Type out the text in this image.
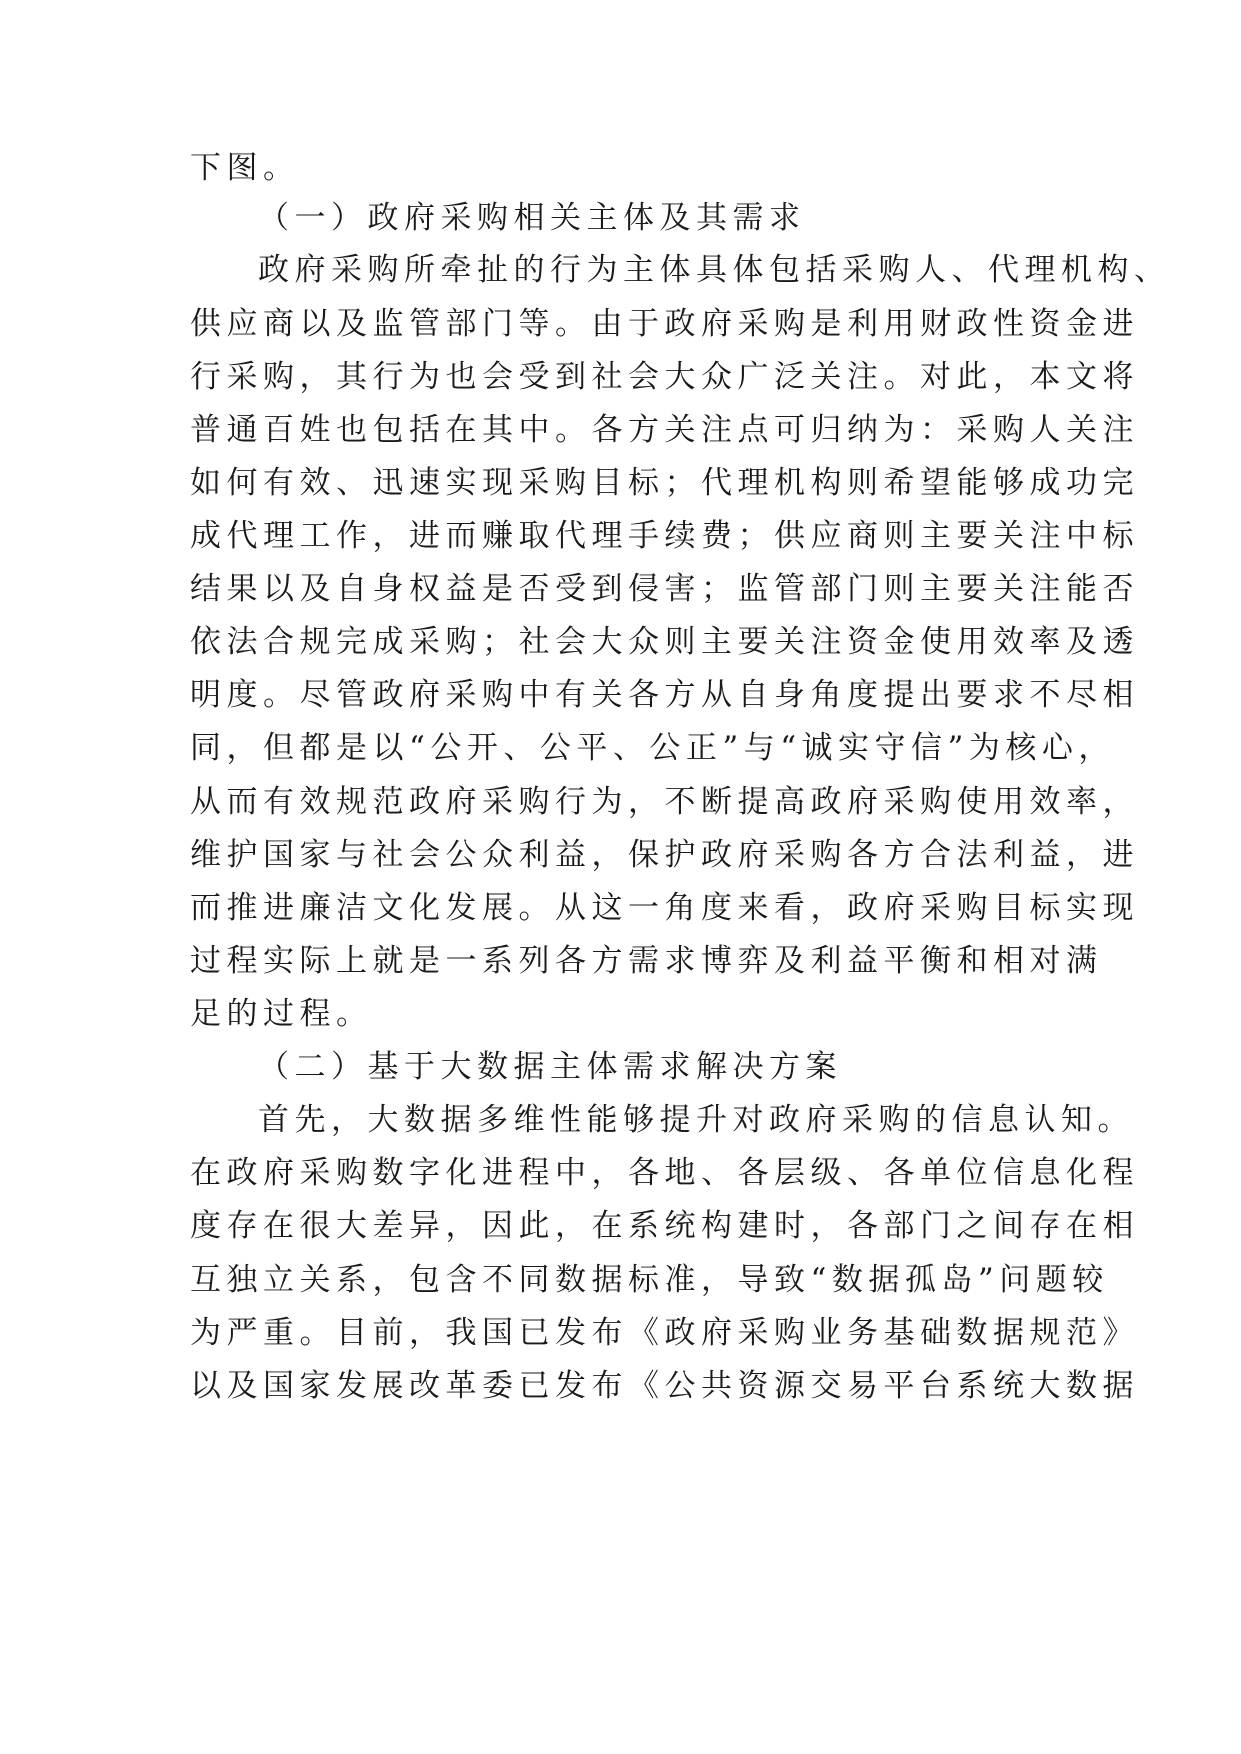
下图。
（一）政府采购相关主体及其需求
政府采购所牵扯的行为主体具体包括采购人、代理机构、
供应商以及监管部门等。由于政府采购是利用财政性资金进
行采购，其行为也会受到社会大众广泛关注。对此，本文将
普通百姓也包括在其中。各方关注点可归纳为：采购人关注
如何有效、迅速实现采购目标；代理机构则希望能够成功完
成代理工作，进而赚取代理手续费；供应商则主要关注中标
结果以及自身权益是否受到侵害；监管部门则主要关注能否
依法合规完成采购；社会大众则主要关注资金使用效率及透
明度。尽管政府采购中有关各方从自身角度提出要求不尽相
同，但都是以“公开、公平、公正”与“诚实守信”为核心，
从而有效规范政府采购行为，不断提高政府采购使用效率，
维护国家与社会公众利益，保护政府采购各方合法利益，进
而推进廉洁文化发展。从这一角度来看，政府采购目标实现
过程实际上就是一系列各方需求博弈及利益平衡和相对满
足的过程。
（二）基于大数据主体需求解决方案
首先，大数据多维性能够提升对政府采购的信息认知。
在政府采购数字化进程中，各地、各层级、各单位信息化程
度存在很大差异，因此，在系统构建时，各部门之间存在相
互独立关系，包含不同数据标准，导致“数据孤岛”问题较
为严重。目前，我国已发布《政府采购业务基础数据规范》
以及国家发展改革委已发布《公共资源交易平台系统大数据
